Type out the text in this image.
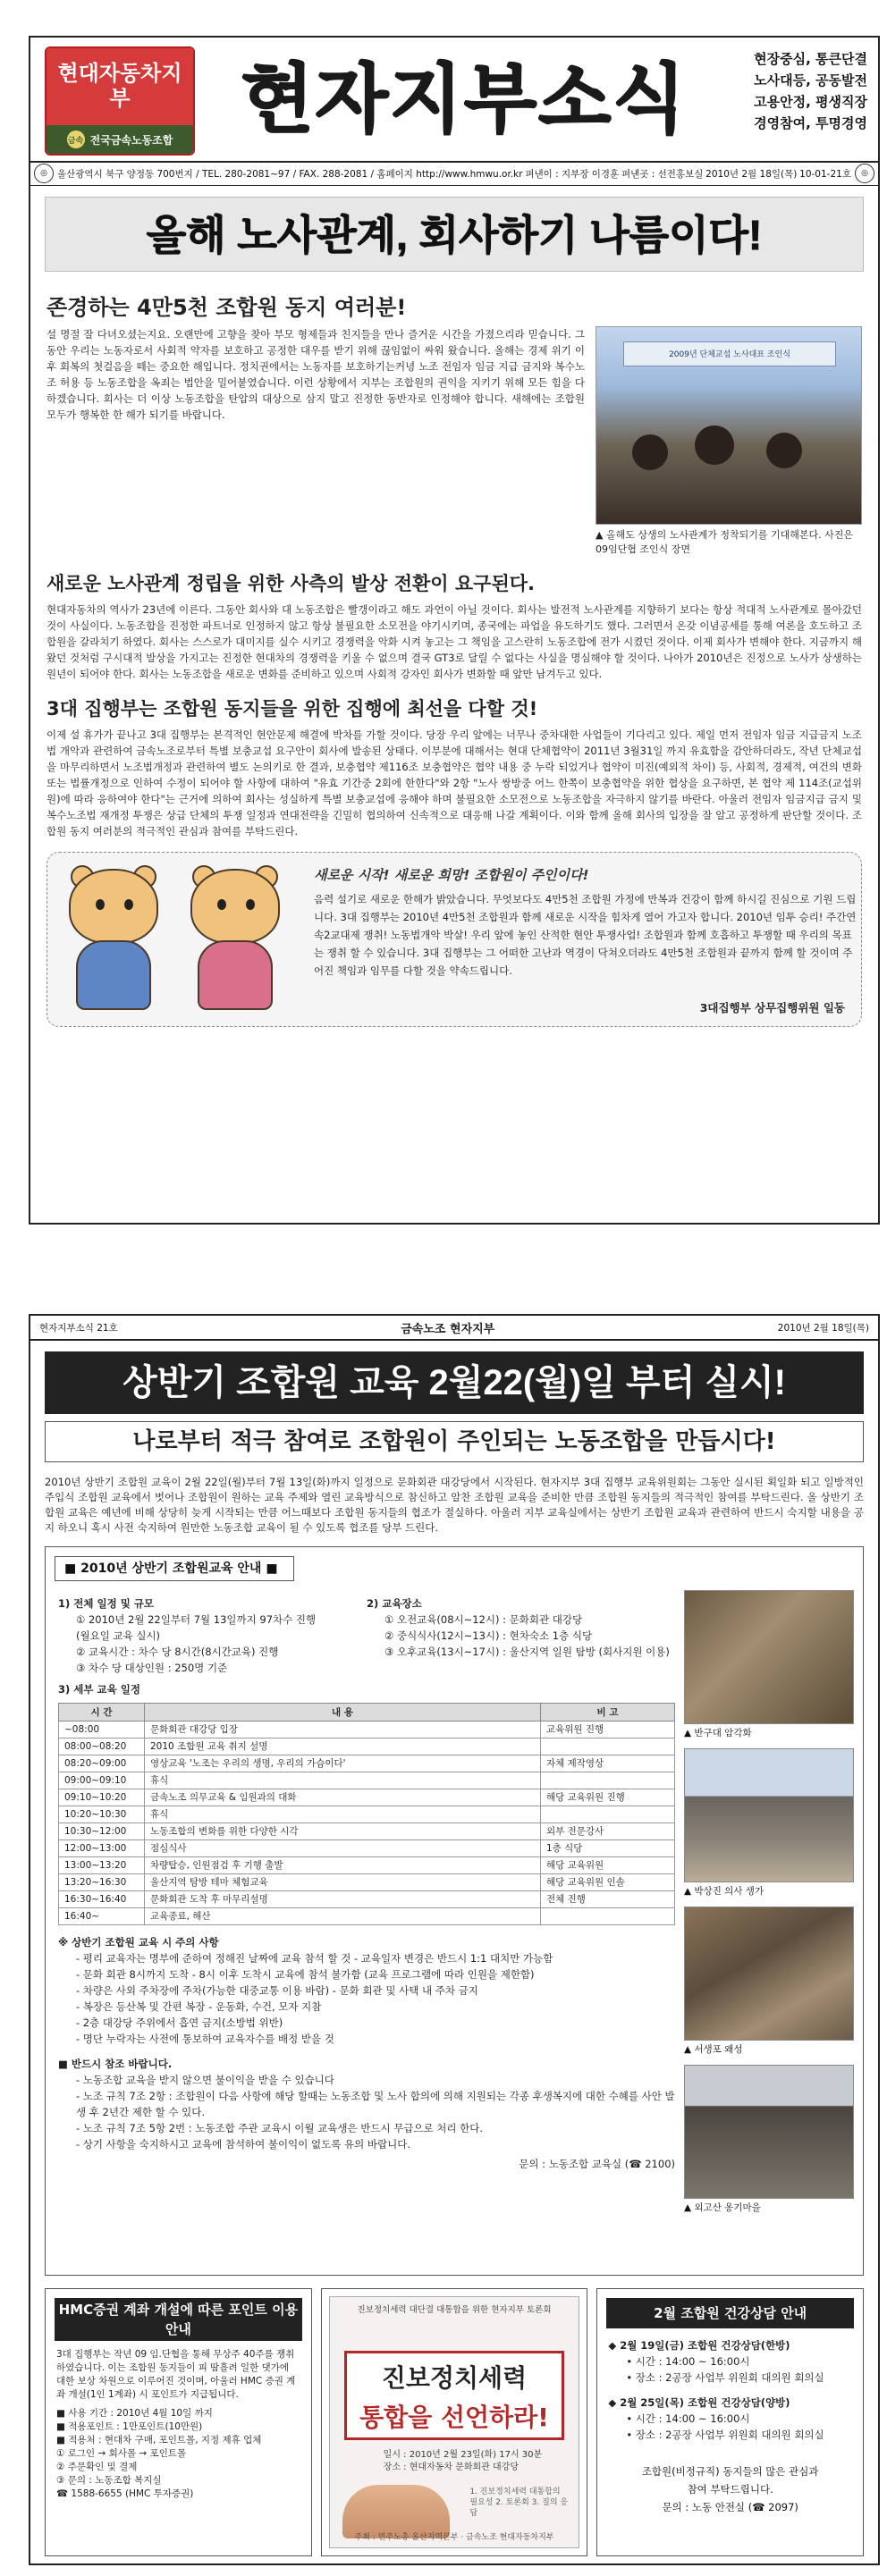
현대자동차지부
금속 전국금속노동조합 현자지부소식	현장중심, 통큰단결
노사대등, 공동발전
고용안정, 평생직장
경영참여, 투명경영
◎	울산광역시 북구 양정동 700번지 / TEL. 280-2081~97 / FAX. 288-2081 / 홈페이지 http://www.hmwu.or.kr 펴낸이 : 지부장 이경훈 펴낸곳 : 선전홍보실 2010년 2월 18일(목) 10-01-21호	◎
올해 노사관계, 회사하기 나름이다!
존경하는 4만5천 조합원 동지 여러분!

설 명절 잘 다녀오셨는지요. 오랜만에 고향을 찾아 부모 형제들과 친지들을 만나 즐거운 시간을 가졌으리라 믿습니다. 그동안 우리는 노동자로서 사회적 약자를 보호하고 공정한 대우를 받기 위해 끊임없이 싸워 왔습니다. 올해는 경제 위기 이후 회복의 첫걸음을 떼는 중요한 해입니다. 정치권에서는 노동자를 보호하기는커녕 노조 전임자 임금 지급 금지와 복수노조 허용 등 노동조합을 옥죄는 법안을 밀어붙였습니다. 이런 상황에서 지부는 조합원의 권익을 지키기 위해 모든 힘을 다하겠습니다. 회사는 더 이상 노동조합을 탄압의 대상으로 삼지 말고 진정한 동반자로 인정해야 합니다. 새해에는 조합원 모두가 행복한 한 해가 되기를 바랍니다.

2009년 단체교섭 노사대표 조인식
▲ 올해도 상생의 노사관계가 정착되기를 기대해본다. 사진은 09임단협 조인식 장면
새로운 노사관계 정립을 위한 사측의 발상 전환이 요구된다.

현대자동차의 역사가 23년에 이른다. 그동안 회사와 대 노동조합은 빨갱이라고 해도 과언이 아닐 것이다. 회사는 발전적 노사관계를 지향하기 보다는 항상 적대적 노사관계로 몰아갔던 것이 사실이다. 노동조합을 진정한 파트너로 인정하지 않고 항상 불필요한 소모전을 야기시키며, 종국에는 파업을 유도하기도 했다. 그러면서 온갖 이념공세를 통해 여론을 호도하고 조합원을 갈라치기 하였다. 회사는 스스로가 대미지를 실수 시키고 경쟁력을 악화 시켜 놓고는 그 책임을 고스란히 노동조합에 전가 시켰던 것이다. 이제 회사가 변해야 한다. 지금까지 해왔던 것처럼 구시대적 발상을 가지고는 진정한 현대차의 경쟁력을 키울 수 없으며 결국 GT3로 달릴 수 없다는 사실을 명심해야 할 것이다. 나아가 2010년은 진정으로 노사가 상생하는 원년이 되어야 한다. 회사는 노동조합을 새로운 변화를 준비하고 있으며 사회적 강자인 회사가 변화할 때 앞만 남겨두고 있다.

3대 집행부는 조합원 동지들을 위한 집행에 최선을 다할 것!

이제 설 휴가가 끝나고 3대 집행부는 본격적인 현안문제 해결에 박차를 가할 것이다. 당장 우리 앞에는 너무나 중차대한 사업들이 기다리고 있다. 제일 먼저 전임자 임금 지급금지 노조법 개악과 관련하여 금속노조로부터 특별 보충교섭 요구안이 회사에 발송된 상태다. 이부분에 대해서는 현대 단체협약이 2011년 3월31일 까지 유효함을 감안하더라도, 작년 단체교섭을 마무리하면서 노조법개정과 관련하여 별도 논의키로 한 결과, 보충협약 제116조 보충협약은 협약 내용 중 누락 되었거나 협약이 미진(예외적 차이) 등, 사회적, 경제적, 여건의 변화 또는 법률개정으로 인하여 수정이 되어야 할 사항에 대하여 "유효 기간중 2회에 한한다"와 2항 "노사 쌍방중 어느 한쪽이 보충협약을 위한 협상을 요구하면, 본 협약 제 114조(교섭위원)에 따라 응하여야 한다"는 근거에 의하여 회사는 성실하게 특별 보충교섭에 응해야 하며 불필요한 소모전으로 노동조합을 자극하지 않기를 바란다. 아울러 전임자 임금지급 금지 및 복수노조법 재개정 투쟁은 상급 단체의 투쟁 일정과 연대전략을 긴밀히 협의하여 신속적으로 대응해 나갈 계획이다. 이와 함께 올해 회사의 입장을 잘 알고 공정하게 판단할 것이다. 조합원 동지 여러분의 적극적인 관심과 참여를 부탁드린다.

새로운 시작! 새로운 희망! 조합원이 주인이다!
음력 설기로 새로운 한해가 밝았습니다. 무엇보다도 4만5천 조합원 가정에 만복과 건강이 함께 하시길 진심으로 기원 드립니다. 3대 집행부는 2010년 4만5천 조합원과 함께 새로운 시작을 힘차게 열어 가고자 합니다. 2010년 임투 승리! 주간연속2교대제 쟁취! 노동법개악 박살! 우리 앞에 놓인 산적한 현안 투쟁사업! 조합원과 함께 호흡하고 투쟁할 때 우리의 목표는 쟁취 할 수 있습니다. 3대 집행부는 그 어떠한 고난과 역경이 닥쳐오더라도 4만5천 조합원과 끝까지 함께 할 것이며 주어진 책임과 임무를 다할 것을 약속드립니다.
3대집행부 상무집행위원 일동
현자지부소식 21호	금속노조 현자지부	2010년 2월 18일(목)
상반기 조합원 교육 2월22(월)일 부터 실시!
나로부터 적극 참여로 조합원이 주인되는 노동조합을 만듭시다!

2010년 상반기 조합원 교육이 2월 22일(월)부터 7월 13일(화)까지 일정으로 문화회관 대강당에서 시작된다. 현자지부 3대 집행부 교육위원회는 그동안 실시된 획일화 되고 일방적인 주입식 조합원 교육에서 벗어나 조합원이 원하는 교육 주제와 열린 교육방식으로 참신하고 알찬 조합원 교육을 준비한 만큼 조합원 동지들의 적극적인 참여를 부탁드린다. 올 상반기 조합원 교육은 예년에 비해 상당히 늦게 시작되는 만큼 어느때보다 조합원 동지들의 협조가 절실하다. 아울러 지부 교육실에서는 상반기 조합원 교육과 관련하여 반드시 숙지할 내용을 공지 하오니 혹시 사전 숙지하여 원만한 노동조합 교육이 될 수 있도록 협조를 당부 드린다.

■ 2010년 상반기 조합원교육 안내 ■
1) 전체 일정 및 규모
① 2010년 2월 22일부터 7월 13일까지 97차수 진행
(월요일 교육 실시)
② 교육시간 : 차수 당 8시간(8시간교육) 진행
③ 차수 당 대상인원 : 250명 기준
2) 교육장소
① 오전교육(08시~12시) : 문화회관 대강당
② 중식식사(12시~13시) : 현차숙소 1층 식당
③ 오후교육(13시~17시) : 울산지역 일원 탐방 (회사지원 이용)
3) 세부 교육 일정
시 간	내 용	비 고
~08:00	문화회관 대강당 입장	교육위원 진행
08:00~08:20	2010 조합원 교육 취지 설명	
08:20~09:00	영상교육 '노조는 우리의 생명, 우리의 가슴이다'	자체 제작영상
09:00~09:10	휴식	
09:10~10:20	금속노조 의무교육 & 임원과의 대화	해당 교육위원 진행
10:20~10:30	휴식	
10:30~12:00	노동조합의 변화를 위한 다양한 시각	외부 전문강사
12:00~13:00	점심식사	1층 식당
13:00~13:20	차량탑승, 인원점검 후 기행 출발	해당 교육위원
13:20~16:30	울산지역 탐방 테마 체험교육	해당 교육위원 인솔
16:30~16:40	문화회관 도착 후 마무리설명	전체 진행
16:40~	교육종료, 해산	
※ 상반기 조합원 교육 시 주의 사항
- 평리 교육자는 명부에 준하여 정해진 날짜에 교육 참석 할 것 - 교육일자 변경은 반드시 1:1 대치만 가능함
- 문화 회관 8시까지 도착 - 8시 이후 도착시 교육에 참석 불가함 (교육 프로그램에 따라 인원을 제한함)
- 차량은 사외 주차장에 주차(가능한 대중교통 이용 바람) - 문화 회관 및 사택 내 주차 금지
- 복장은 등산복 및 간편 복장 - 운동화, 수건, 모자 지참
- 2층 대강당 주위에서 흡연 금지(소방법 위반)
- 명단 누락자는 사전에 통보하여 교육자수를 배정 받을 것
■ 반드시 참조 바랍니다.
- 노동조합 교육을 받지 않으면 불이익을 받을 수 있습니다
- 노조 규칙 7조 2항 : 조합원이 다음 사항에 해당 할때는 노동조합 및 노사 합의에 의해 지원되는 각종 후생복지에 대한 수혜를 사안 발생 후 2년간 제한 할 수 있다.
- 노조 규칙 7조 5항 2번 : 노동조합 주관 교육시 이월 교육생은 반드시 무급으로 처리 한다.
- 상기 사항을 숙지하시고 교육에 참석하여 불이익이 없도록 유의 바랍니다.
문의 : 노동조합 교육실 (☎ 2100)
▲ 반구대 암각화
▲ 박상진 의사 생가
▲ 서생포 왜성
▲ 외고산 옹기마을
HMC증권 계좌 개설에 따른 포인트 이용안내
3대 집행부는 작년 09 임.단협을 통해 무상주 40주를 쟁취하였습니다. 이는 조합원 동지들이 피 땀흘려 일한 댓가에 대한 보상 차원으로 이루어진 것이며, 아울러 HMC 증권 계좌 개설(1인 1계좌) 시 포인트가 지급됩니다.
■ 사용 기간 : 2010년 4월 10일 까지
■ 적용포인트 : 1만포인트(10만원)
■ 적용처 : 현대차 구매, 포인트몰, 지정 제휴 업체
① 로그인 → 회사몰 → 포인트몰
② 주문확인 및 결제
③ 문의 : 노동조합 복지실
☎ 1588-6655 (HMC 투자증권)
진보정치세력 대단결 대통합을 위한 현자지부 토론회
진보정치세력
통합을 선언하라!
일시 : 2010년 2월 23일(화) 17시 30분
장소 : 현대자동차 문화회관 대강당
1. 진보정치세력 대통합의 필요성 2. 토론회 3. 질의 응답
주최 : 민주노총 울산지역본부 · 금속노조 현대자동차지부
2월 조합원 건강상담 안내
◆ 2월 19일(금) 조합원 건강상담(한방)
• 시간 : 14:00 ~ 16:00시
• 장소 : 2공장 사업부 위원회 대의원 회의실
◆ 2월 25일(목) 조합원 건강상담(양방)
• 시간 : 14:00 ~ 16:00시
• 장소 : 2공장 사업부 위원회 대의원 회의실
조합원(비정규직) 동지들의 많은 관심과
참여 부탁드립니다.
문의 : 노동 안전실 (☎ 2097)
